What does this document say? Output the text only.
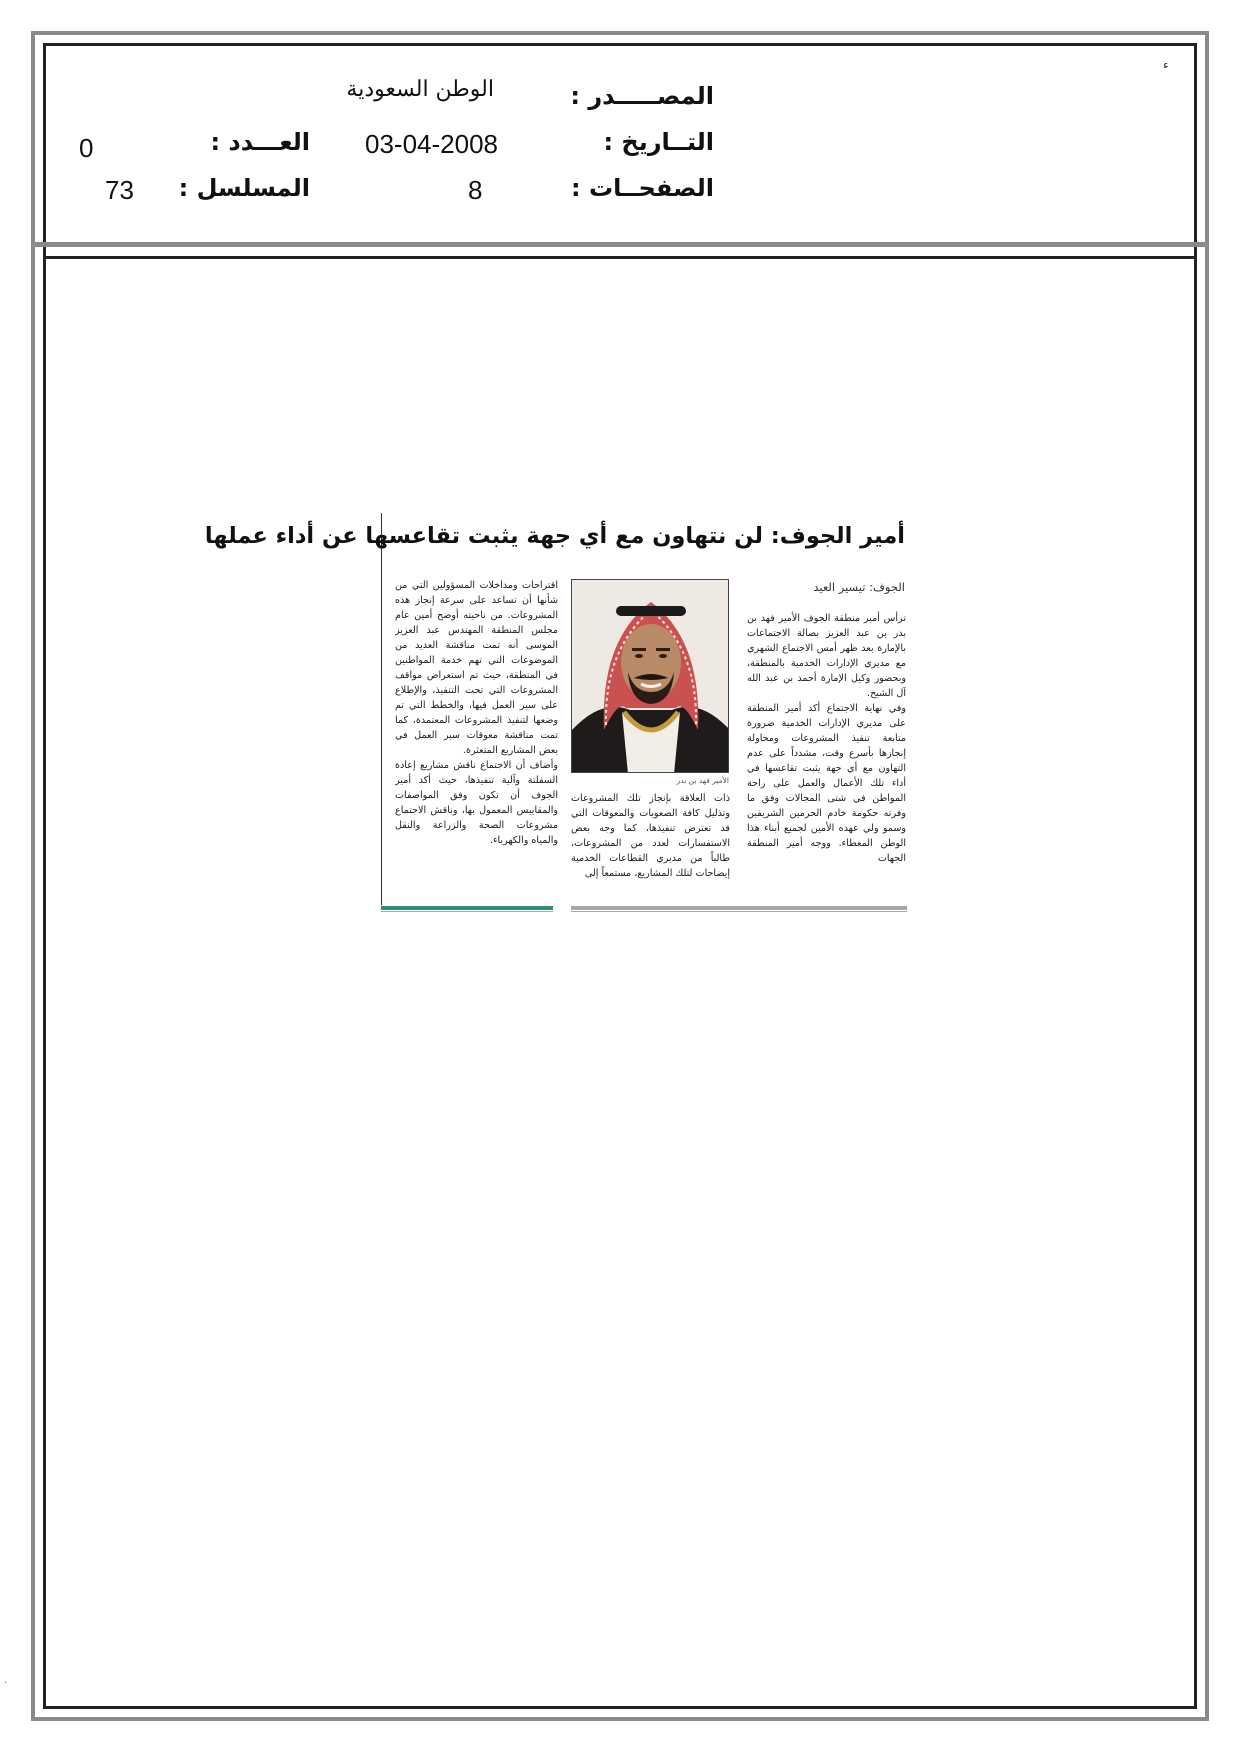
ء
·
المصـــــدر :
التــاريخ :
الصفحــات :
الوطن السعودية
03-04-2008
8
العـــدد :
المسلسل :
0
73
أمير الجوف: لن نتهاون مع أي جهة يثبت تقاعسها عن أداء عملها
الجوف: تيسير العيد

ترأس أمير منطقة الجوف الأمير فهد بن بدر بن عبد العزيز بصالة الاجتماعات بالإمارة بعد ظهر أمس الاجتماع الشهري مع مديري الإدارات الخدمية بالمنطقة، وبحضور وكيل الإمارة أحمد بن عبد الله آل الشيخ.

وفي نهاية الاجتماع أكد أمير المنطقة على مديري الإدارات الخدمية ضرورة متابعة تنفيذ المشروعات ومحاولة إنجازها بأسرع وقت، مشدداً على عدم التهاون مع أي جهة يثبت تقاعسها في أداء تلك الأعمال والعمل على راحة المواطن في شتى المجالات وفق ما وفرته حكومة خادم الحرمين الشريفين وسمو ولي عهده الأمين لجميع أبناء هذا الوطن المعطاء. ووجه أمير المنطقة الجهات

الأمير فهد بن بدر

ذات العلاقة بإنجاز تلك المشروعات وتذليل كافة الصعوبات والمعوقات التي قد تعترض تنفيذها، كما وجه بعض الاستفسارات لعدد من المشروعات، طالباً من مديري القطاعات الخدمية إيضاحات لتلك المشاريع، مستمعاً إلى

اقتراحات ومداخلات المسؤولين التي من شأنها أن تساعد على سرعة إنجاز هذه المشروعات. من ناحيته أوضح أمين عام مجلس المنطقة المهندس عبد العزيز الموسى أنه تمت مناقشة العديد من الموضوعات التي تهم خدمة المواطنين في المنطقة، حيث تم استعراض مواقف المشروعات التي تحت التنفيذ، والإطلاع على سير العمل فيها، والخطط التي تم وضعها لتنفيذ المشروعات المعتمدة، كما تمت مناقشة معوقات سير العمل في بعض المشاريع المتعثرة.

وأضاف أن الاجتماع ناقش مشاريع إعادة السفلتة وآلية تنفيذها، حيث أكد أمير الجوف أن تكون وفق المواصفات والمقاييس المعمول بها، وناقش الاجتماع مشروعات الصحة والزراعة والنقل والمياه والكهرباء.
